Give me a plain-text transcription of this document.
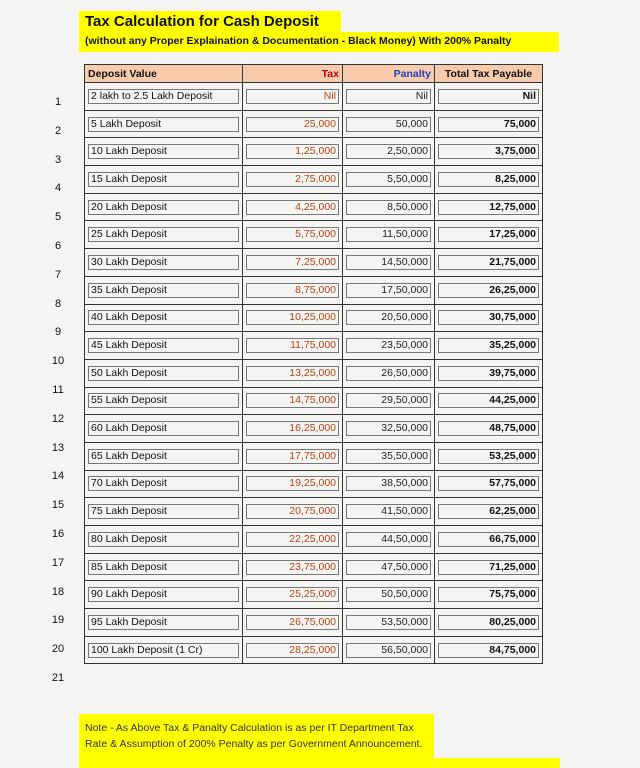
Tax Calculation for Cash Deposit
(without any Proper Explaination & Documentation - Black Money) With 200% Panalty
1
2
3
4
5
6
7
8
9
10
11
12
13
14
15
16
17
18
19
20
21
Deposit Value	Tax	Panalty	Total Tax Payable

2 lakh to 2.5 Lakh Deposit	Nil	Nil	Nil

5 Lakh Deposit	25,000	50,000	75,000

10 Lakh Deposit	1,25,000	2,50,000	3,75,000

15 Lakh Deposit	2,75,000	5,50,000	8,25,000

20 Lakh Deposit	4,25,000	8,50,000	12,75,000

25 Lakh Deposit	5,75,000	11,50,000	17,25,000

30 Lakh Deposit	7,25,000	14,50,000	21,75,000

35 Lakh Deposit	8,75,000	17,50,000	26,25,000

40 Lakh Deposit	10,25,000	20,50,000	30,75,000

45 Lakh Deposit	11,75,000	23,50,000	35,25,000

50 Lakh Deposit	13,25,000	26,50,000	39,75,000

55 Lakh Deposit	14,75,000	29,50,000	44,25,000

60 Lakh Deposit	16,25,000	32,50,000	48,75,000

65 Lakh Deposit	17,75,000	35,50,000	53,25,000

70 Lakh Deposit	19,25,000	38,50,000	57,75,000

75 Lakh Deposit	20,75,000	41,50,000	62,25,000

80 Lakh Deposit	22,25,000	44,50,000	66,75,000

85 Lakh Deposit	23,75,000	47,50,000	71,25,000

90 Lakh Deposit	25,25,000	50,50,000	75,75,000

95 Lakh Deposit	26,75,000	53,50,000	80,25,000

100 Lakh Deposit (1 Cr)	28,25,000	56,50,000	84,75,000
Note - As Above Tax & Panalty Calculation is as per IT Department Tax Rate & Assumption of 200% Penalty as per Government Announcement.
